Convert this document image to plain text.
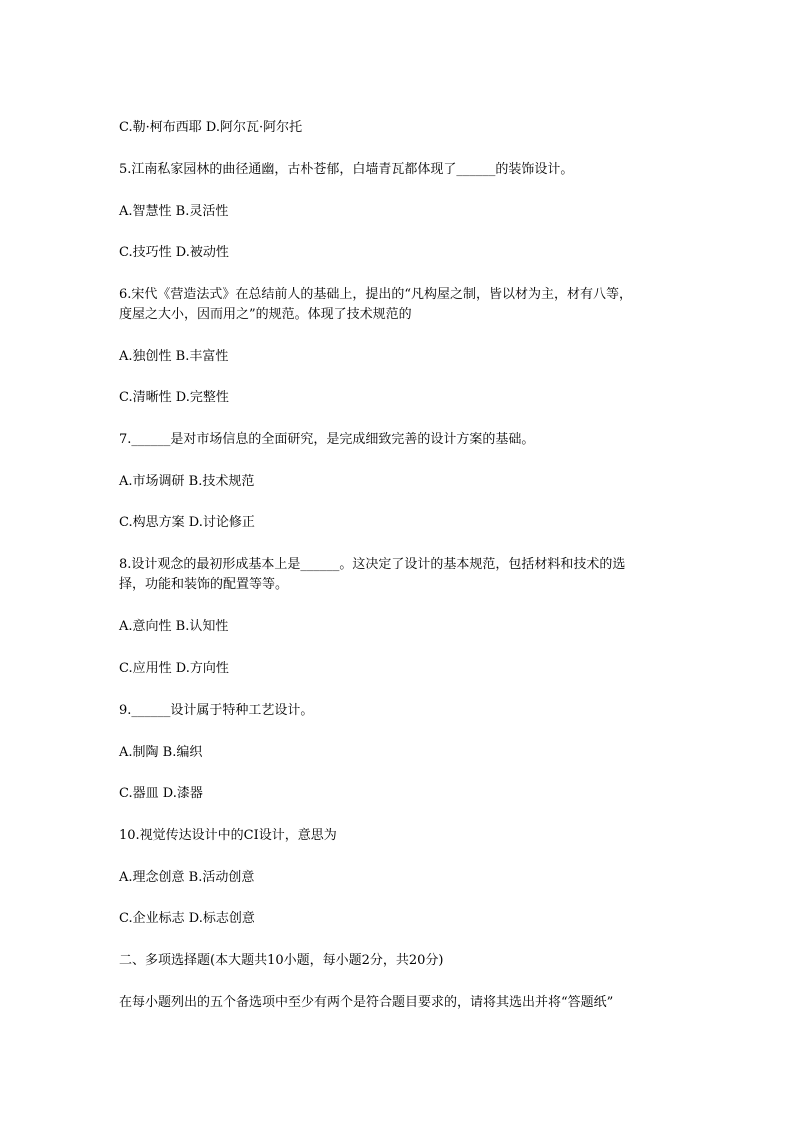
C.勒·柯布西耶 D.阿尔瓦·阿尔托
5.江南私家园林的曲径通幽，古朴苍郁，白墙青瓦都体现了______的装饰设计。
A.智慧性 B.灵活性
C.技巧性 D.被动性
6.宋代《营造法式》在总结前人的基础上，提出的“凡构屋之制，皆以材为主，材有八等，
度屋之大小，因而用之”的规范。体现了技术规范的
A.独创性 B.丰富性
C.清晰性 D.完整性
7.______是对市场信息的全面研究，是完成细致完善的设计方案的基础。
A.市场调研 B.技术规范
C.构思方案 D.讨论修正
8.设计观念的最初形成基本上是______。这决定了设计的基本规范，包括材料和技术的选
择，功能和装饰的配置等等。
A.意向性 B.认知性
C.应用性 D.方向性
9.______设计属于特种工艺设计。
A.制陶 B.编织
C.器皿 D.漆器
10.视觉传达设计中的CI设计，意思为
A.理念创意 B.活动创意
C.企业标志 D.标志创意
二、多项选择题(本大题共10小题，每小题2分，共20分)
在每小题列出的五个备选项中至少有两个是符合题目要求的，请将其选出并将“答题纸”
